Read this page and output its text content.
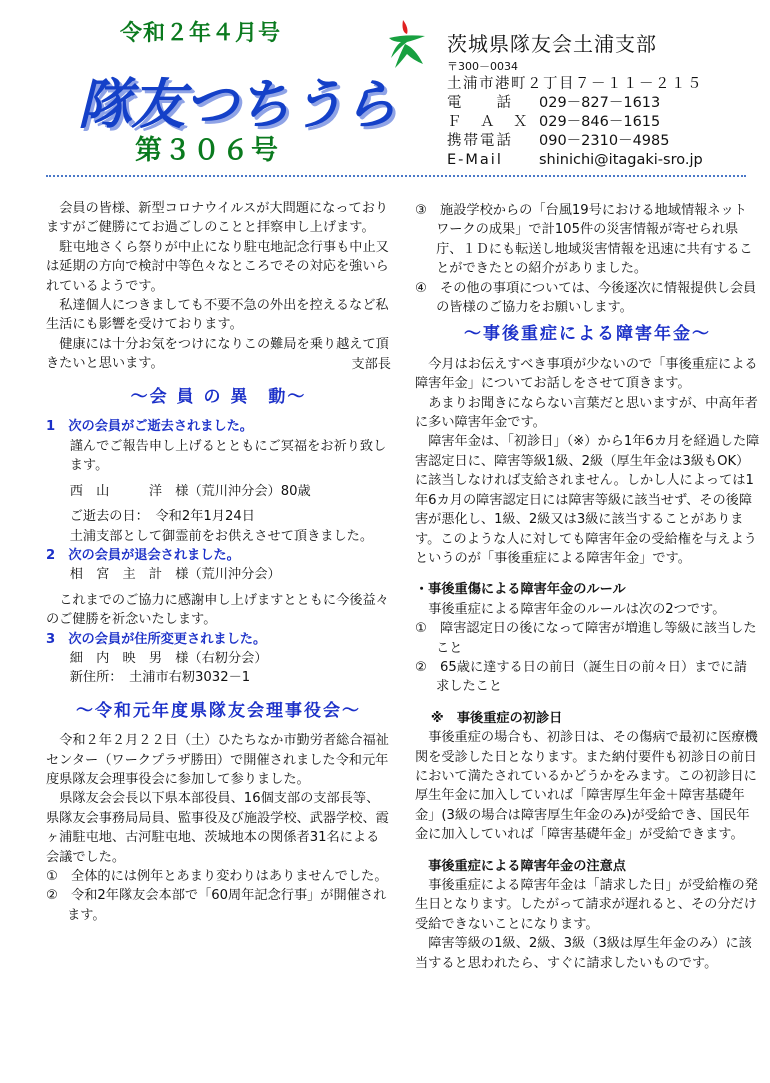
令和２年４月号
隊友つちうら
第３０６号
茨城県隊友会土浦支部
〒300－0034
土浦市港町２丁目７－１１－２１５
電　　話	029－827－1613
Ｆ　Ａ　Ｘ 029－846－1615
携帯電話	090－2310－4985
E-Mail	shinichi@itagaki-sro.jp

会員の皆様、新型コロナウイルスが大問題になっておりますがご健勝にてお過ごしのことと拝察申し上げます。

駐屯地さくら祭りが中止になり駐屯地記念行事も中止又は延期の方向で検討中等色々なところでその対応を強いられているようです。

私達個人につきましても不要不急の外出を控えるなど私生活にも影響を受けております。

健康には十分お気をつけになりこの難局を乗り越えて頂きたいと思います。	支部長

～会 員 の 異　動～

1　次の会員がご逝去されました。

謹んでご報告申し上げるとともにご冥福をお祈り致します。

西　山　　　洋　様（荒川沖分会）80歳

ご逝去の日：　令和2年1月24日

土浦支部として御霊前をお供えさせて頂きました。

2　次の会員が退会されました。

相　宮　主　計　様（荒川沖分会）

これまでのご協力に感謝申し上げますとともに今後益々のご健勝を祈念いたします。

3　次の会員が住所変更されました。

細　内　映　男　様（右籾分会）

新住所：　土浦市右籾3032－1

～令和元年度県隊友会理事役会～

令和２年２月２２日（土）ひたちなか市勤労者総合福祉センター（ワークプラザ勝田）で開催されました令和元年度県隊友会理事役会に参加して参りました。

県隊友会会長以下県本部役員、16個支部の支部長等、県隊友会事務局局員、監事役及び施設学校、武器学校、霞ヶ浦駐屯地、古河駐屯地、茨城地本の関係者31名による会議でした。

①　全体的には例年とあまり変わりはありませんでした。

②　令和2年隊友会本部で「60周年記念行事」が開催されます。

③　施設学校からの「台風19号における地域情報ネットワークの成果」で計105件の災害情報が寄せられ県庁、１Ｄにも転送し地域災害情報を迅速に共有することができたとの紹介がありました。

④　その他の事項については、今後逐次に情報提供し会員の皆様のご協力をお願いします。

～事後重症による障害年金～

今月はお伝えすべき事項が少ないので「事後重症による障害年金」についてお話しをさせて頂きます。

あまりお聞きにならない言葉だと思いますが、中高年者に多い障害年金です。

障害年金は、「初診日」（※）から1年6カ月を経過した障害認定日に、障害等級1級、2級（厚生年金は3級もOK）に該当しなければ支給されません。しかし人によっては1年6カ月の障害認定日には障害等級に該当せず、その後障害が悪化し、1級、2級又は3級に該当することがあります。このような人に対しても障害年金の受給権を与えようというのが「事後重症による障害年金」です。

・事後重傷による障害年金のルール

事後重症による障害年金のルールは次の2つです。

①　障害認定日の後になって障害が増進し等級に該当したこと

②　65歳に達する日の前日（誕生日の前々日）までに請求したこと

※　事後重症の初診日

事後重症の場合も、初診日は、その傷病で最初に医療機関を受診した日となります。また納付要件も初診日の前日において満たされているかどうかをみます。この初診日に厚生年金に加入していれば「障害厚生年金＋障害基礎年金」(3級の場合は障害厚生年金のみ)が受給でき、国民年金に加入していれば「障害基礎年金」が受給できます。

事後重症による障害年金の注意点

事後重症による障害年金は「請求した日」が受給権の発生日となります。したがって請求が遅れると、その分だけ受給できないことになります。

障害等級の1級、2級、3級（3級は厚生年金のみ）に該当すると思われたら、すぐに請求したいものです。
